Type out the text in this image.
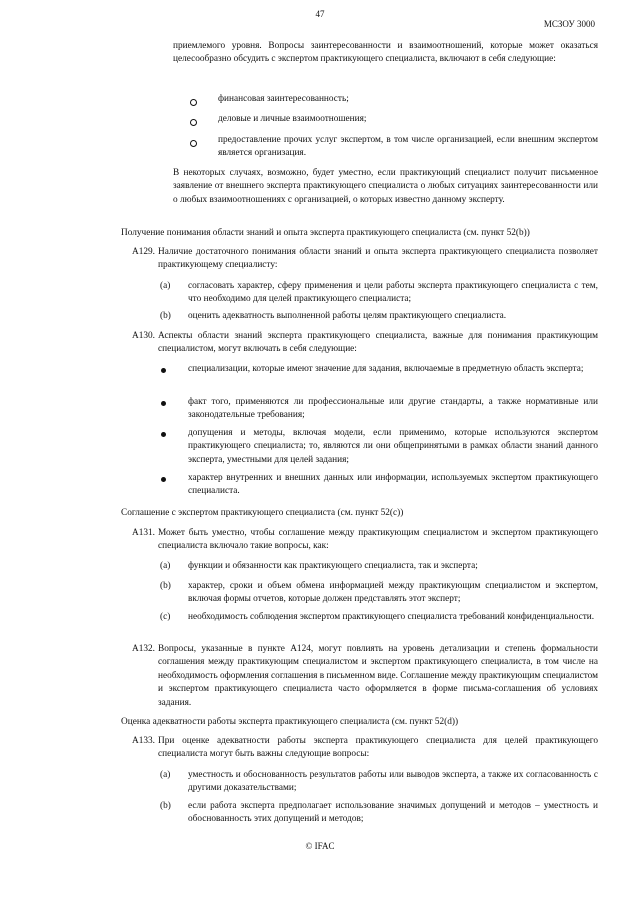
47
МСЗОУ 3000
приемлемого уровня. Вопросы заинтересованности и взаимоотношений, которые может оказаться целесообразно обсудить с экспертом практикующего специалиста, включают в себя следующие:
финансовая заинтересованность;
деловые и личные взаимоотношения;
предоставление прочих услуг экспертом, в том числе организацией, если внешним экспертом является организация.
В некоторых случаях, возможно, будет уместно, если практикующий специалист получит письменное заявление от внешнего эксперта практикующего специалиста о любых ситуациях заинтересованности или о любых взаимоотношениях с организацией, о которых известно данному эксперту.
Получение понимания области знаний и опыта эксперта практикующего специалиста (см. пункт 52(b))
A129. Наличие достаточного понимания области знаний и опыта эксперта практикующего специалиста позволяет практикующему специалисту:
(a) согласовать характер, сферу применения и цели работы эксперта практикующего специалиста с тем, что необходимо для целей практикующего специалиста;
(b) оценить адекватность выполненной работы целям практикующего специалиста.
A130. Аспекты области знаний эксперта практикующего специалиста, важные для понимания практикующим специалистом, могут включать в себя следующие:
специализации, которые имеют значение для задания, включаемые в предметную область эксперта;
факт того, применяются ли профессиональные или другие стандарты, а также нормативные или законодательные требования;
допущения и методы, включая модели, если применимо, которые используются экспертом практикующего специалиста; то, являются ли они общепринятыми в рамках области знаний данного эксперта, уместными для целей задания;
характер внутренних и внешних данных или информации, используемых экспертом практикующего специалиста.
Соглашение с экспертом практикующего специалиста (см. пункт 52(c))
A131. Может быть уместно, чтобы соглашение между практикующим специалистом и экспертом практикующего специалиста включало такие вопросы, как:
(a) функции и обязанности как практикующего специалиста, так и эксперта;
(b) характер, сроки и объем обмена информацией между практикующим специалистом и экспертом, включая формы отчетов, которые должен представлять этот эксперт;
(c) необходимость соблюдения экспертом практикующего специалиста требований конфиденциальности.
A132. Вопросы, указанные в пункте A124, могут повлиять на уровень детализации и степень формальности соглашения между практикующим специалистом и экспертом практикующего специалиста, в том числе на необходимость оформления соглашения в письменном виде. Соглашение между практикующим специалистом и экспертом практикующего специалиста часто оформляется в форме письма-соглашения об условиях задания.
Оценка адекватности работы эксперта практикующего специалиста (см. пункт 52(d))
A133. При оценке адекватности работы эксперта практикующего специалиста для целей практикующего специалиста могут быть важны следующие вопросы:
(a) уместность и обоснованность результатов работы или выводов эксперта, а также их согласованность с другими доказательствами;
(b) если работа эксперта предполагает использование значимых допущений и методов – уместность и обоснованность этих допущений и методов;
© IFAC
